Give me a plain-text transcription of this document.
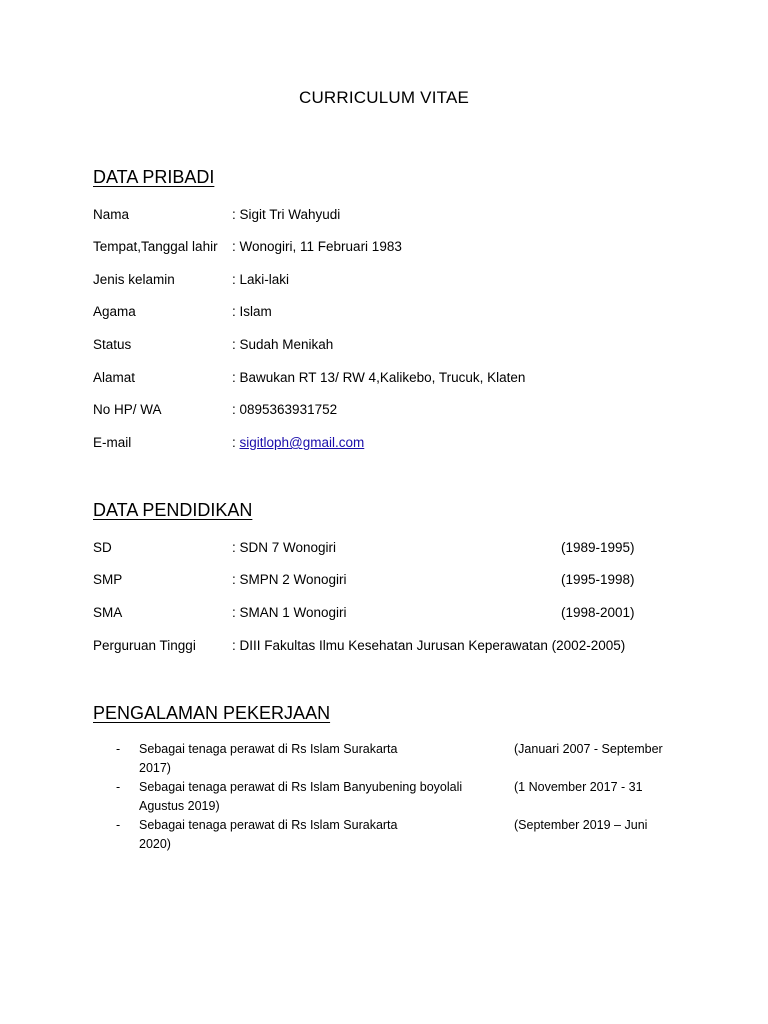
CURRICULUM VITAE
DATA PRIBADI
Nama	: Sigit Tri Wahyudi
Tempat,Tanggal lahir : Wonogiri, 11 Februari 1983
Jenis kelamin	: Laki-laki
Agama	: Islam
Status	: Sudah Menikah
Alamat	: Bawukan RT 13/ RW 4,Kalikebo, Trucuk, Klaten
No HP/ WA	: 0895363931752
E-mail	: sigitloph@gmail.com
DATA PENDIDIKAN
SD	: SDN 7 Wonogiri	(1989-1995)
SMP	: SMPN 2 Wonogiri	(1995-1998)
SMA	: SMAN 1 Wonogiri	(1998-2001)
Perguruan Tinggi	: DIII Fakultas Ilmu Kesehatan Jurusan Keperawatan (2002-2005)
PENGALAMAN PEKERJAAN
- Sebagai tenaga perawat di Rs Islam Surakarta	(Januari 2007 - September
2017)
- Sebagai tenaga perawat di Rs Islam Banyubening boyolali	(1 November 2017 - 31
Agustus 2019)
- Sebagai tenaga perawat di Rs Islam Surakarta	(September 2019 – Juni
2020)
